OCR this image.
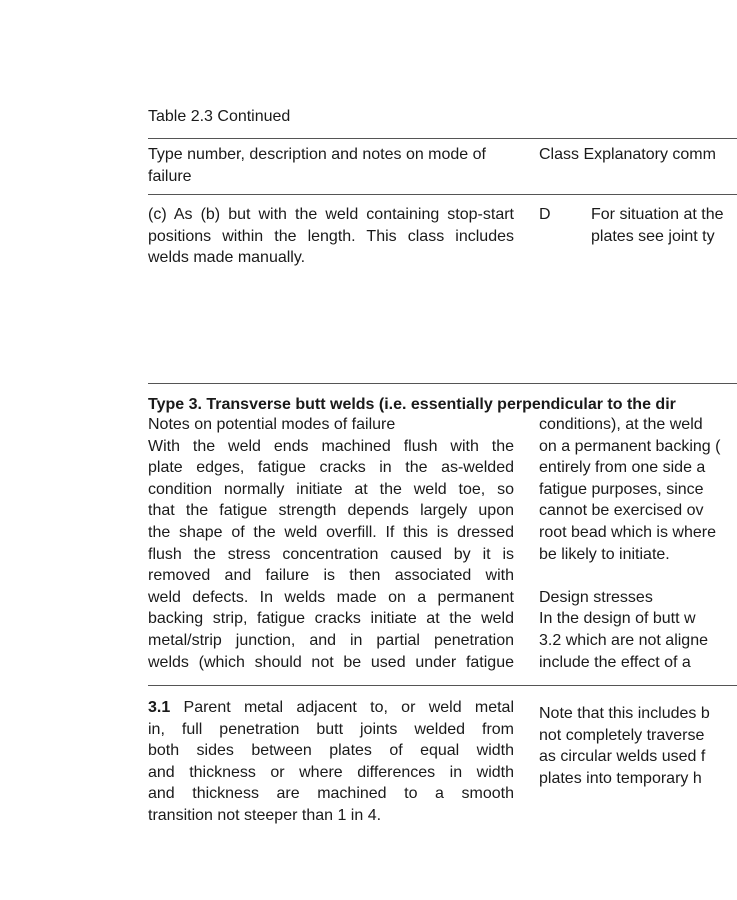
Table 2.3 Continued
Type number, description and notes on mode of failure
Class Explanatory comm
(c) As (b) but with the weld containing stop-start positions within the length. This class includes welds made manually.
D	For situation at the
plates see joint ty
Type 3. Transverse butt welds (i.e. essentially perpendicular to the dir
Notes on potential modes of failure
With the weld ends machined flush with the
plate edges, fatigue cracks in the as-welded
condition normally initiate at the weld toe, so
that the fatigue strength depends largely upon
the shape of the weld overfill. If this is dressed
flush the stress concentration caused by it is
removed and failure is then associated with
weld defects. In welds made on a permanent
backing strip, fatigue cracks initiate at the weld
metal/strip junction, and in partial penetration
welds (which should not be used under fatigue
conditions), at the weld
on a permanent backing (
entirely from one side a
fatigue purposes, since
cannot be exercised ov
root bead which is where
be likely to initiate.
Design stresses
In the design of butt w
3.2 which are not aligne
include the effect of a
3.1 Parent metal adjacent to, or weld metal
in, full penetration butt joints welded from
both sides between plates of equal width
and thickness or where differences in width
and thickness are machined to a smooth
transition not steeper than 1 in 4.
Note that this includes b
not completely traverse
as circular welds used f
plates into temporary h
